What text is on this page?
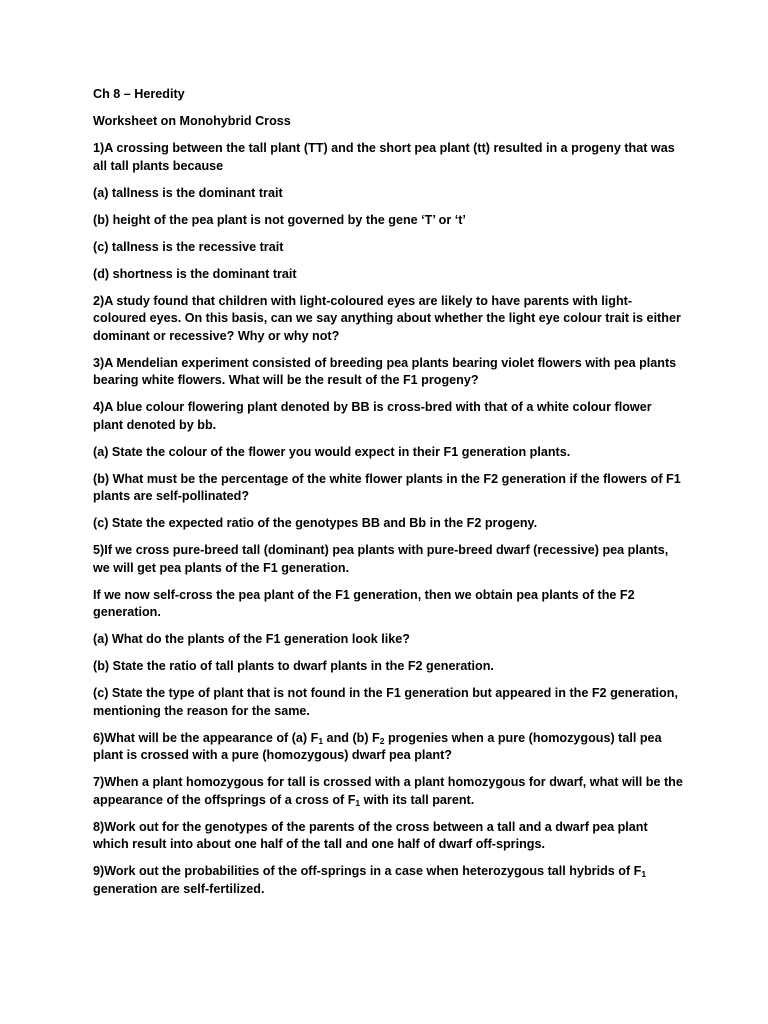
Ch 8 – Heredity

Worksheet on Monohybrid Cross

1)A crossing between the tall plant (TT) and the short pea plant (tt) resulted in a progeny that was all tall plants because

(a) tallness is the dominant trait

(b) height of the pea plant is not governed by the gene ‘T’ or ‘t’

(c) tallness is the recessive trait

(d) shortness is the dominant trait

2)A study found that children with light-coloured eyes are likely to have parents with light-coloured eyes. On this basis, can we say anything about whether the light eye colour trait is either dominant or recessive? Why or why not?

3)A Mendelian experiment consisted of breeding pea plants bearing violet flowers with pea plants bearing white flowers. What will be the result of the F1 progeny?

4)A blue colour flowering plant denoted by BB is cross-bred with that of a white colour flower plant denoted by bb.

(a) State the colour of the flower you would expect in their F1 generation plants.

(b) What must be the percentage of the white flower plants in the F2 generation if the flowers of F1 plants are self-pollinated?

(c) State the expected ratio of the genotypes BB and Bb in the F2 progeny.

5)If we cross pure-breed tall (dominant) pea plants with pure-breed dwarf (recessive) pea plants, we will get pea plants of the F1 generation.

If we now self-cross the pea plant of the F1 generation, then we obtain pea plants of the F2 generation.

(a) What do the plants of the F1 generation look like?

(b) State the ratio of tall plants to dwarf plants in the F2 generation.

(c) State the type of plant that is not found in the F1 generation but appeared in the F2 generation, mentioning the reason for the same.

6)What will be the appearance of (a) $F_1$ and (b) $F_2$ progenies when a pure (homozygous) tall pea plant is crossed with a pure (homozygous) dwarf pea plant?

7)When a plant homozygous for tall is crossed with a plant homozygous for dwarf, what will be the appearance of the offsprings of a cross of $F_1$ with its tall parent.

8)Work out for the genotypes of the parents of the cross between a tall and a dwarf pea plant which result into about one half of the tall and one half of dwarf off-springs.

9)Work out the probabilities of the off-springs in a case when heterozygous tall hybrids of $F_1$ generation are self-fertilized.
